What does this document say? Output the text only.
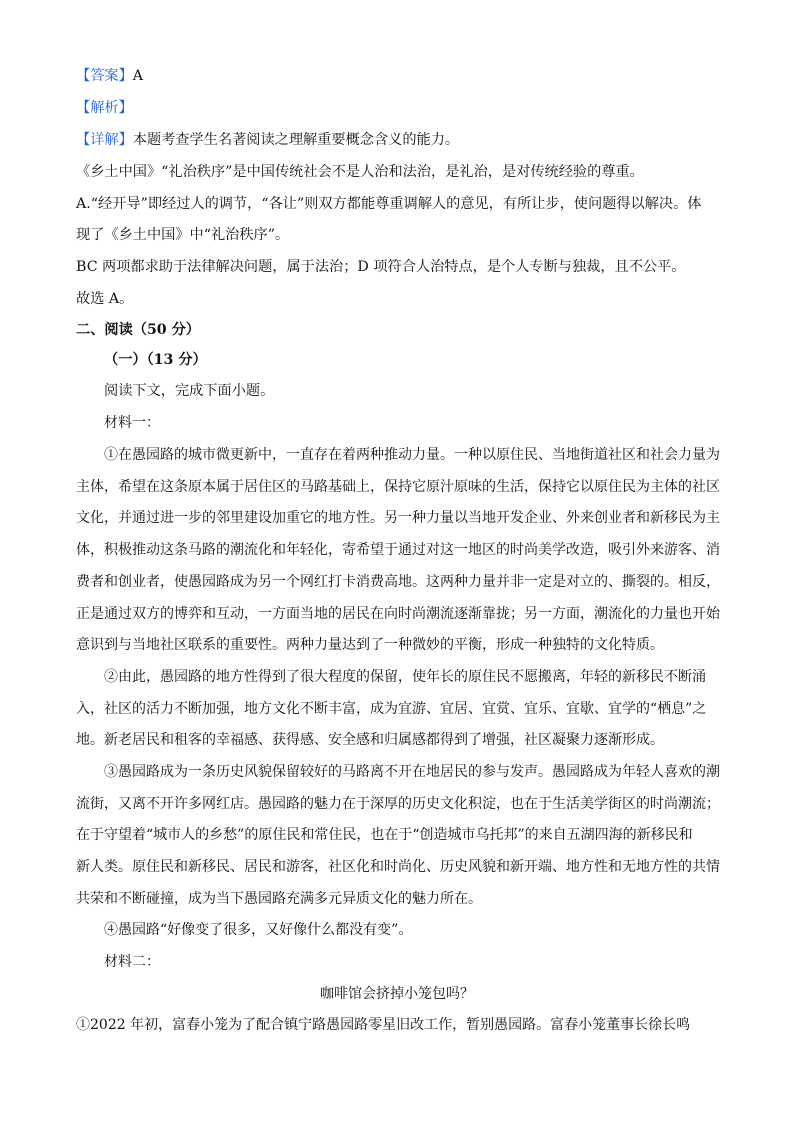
【答案】A
【解析】
【详解】本题考查学生名著阅读之理解重要概念含义的能力。
《乡土中国》“礼治秩序”是中国传统社会不是人治和法治，是礼治，是对传统经验的尊重。
A.“经开导”即经过人的调节，“各让”则双方都能尊重调解人的意见，有所让步，使问题得以解决。体
现了《乡土中国》中“礼治秩序”。
BC 两项都求助于法律解决问题，属于法治；D 项符合人治特点，是个人专断与独裁，且不公平。
故选 A。
二、阅读（50 分）
（一）（13 分）
阅读下文，完成下面小题。
材料一：
①在愚园路的城市微更新中，一直存在着两种推动力量。一种以原住民、当地街道社区和社会力量为
主体，希望在这条原本属于居住区的马路基础上，保持它原汁原味的生活，保持它以原住民为主体的社区
文化，并通过进一步的邻里建设加重它的地方性。另一种力量以当地开发企业、外来创业者和新移民为主
体，积极推动这条马路的潮流化和年轻化，寄希望于通过对这一地区的时尚美学改造，吸引外来游客、消
费者和创业者，使愚园路成为另一个网红打卡消费高地。这两种力量并非一定是对立的、撕裂的。相反，
正是通过双方的博弈和互动，一方面当地的居民在向时尚潮流逐渐靠拢；另一方面，潮流化的力量也开始
意识到与当地社区联系的重要性。两种力量达到了一种微妙的平衡，形成一种独特的文化特质。
②由此，愚园路的地方性得到了很大程度的保留，使年长的原住民不愿搬离，年轻的新移民不断涌
入，社区的活力不断加强，地方文化不断丰富，成为宜游、宜居、宜赏、宜乐、宜歇、宜学的“栖息”之
地。新老居民和租客的幸福感、获得感、安全感和归属感都得到了增强，社区凝聚力逐渐形成。
③愚园路成为一条历史风貌保留较好的马路离不开在地居民的参与发声。愚园路成为年轻人喜欢的潮
流街，又离不开许多网红店。愚园路的魅力在于深厚的历史文化积淀，也在于生活美学街区的时尚潮流；
在于守望着“城市人的乡愁”的原住民和常住民，也在于“创造城市乌托邦”的来自五湖四海的新移民和
新人类。原住民和新移民、居民和游客，社区化和时尚化、历史风貌和新开端、地方性和无地方性的共情
共荣和不断碰撞，成为当下愚园路充满多元异质文化的魅力所在。
④愚园路“好像变了很多，又好像什么都没有变”。
材料二：
咖啡馆会挤掉小笼包吗？
①2022 年初，富春小笼为了配合镇宁路愚园路零星旧改工作，暂别愚园路。富春小笼董事长徐长鸣
